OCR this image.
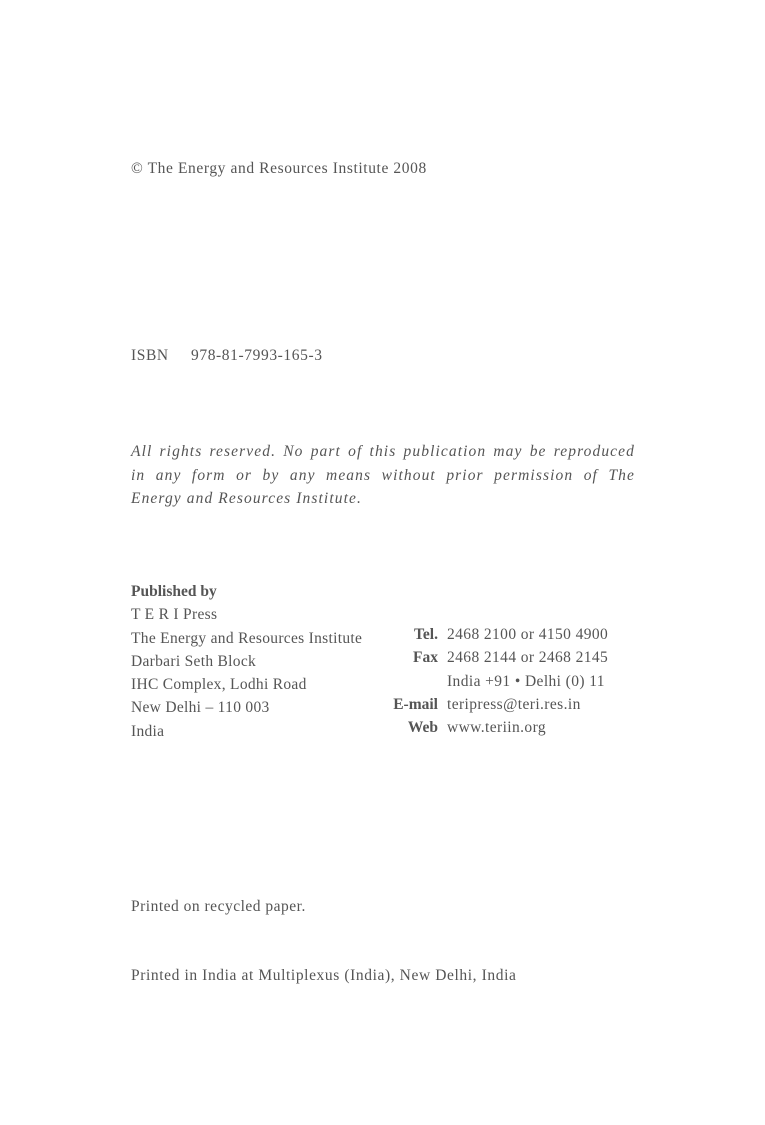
© The Energy and Resources Institute 2008
ISBN 978-81-7993-165-3
All rights reserved. No part of this publication may be reproduced
in any form or by any means without prior permission of The
Energy and Resources Institute.
Published by
T E R I Press
The Energy and Resources Institute
Darbari Seth Block
IHC Complex, Lodhi Road
New Delhi – 110 003
India
Tel. 2468 2100 or 4150 4900
Fax 2468 2144 or 2468 2145
India +91 • Delhi (0) 11
E-mail teripress@teri.res.in
Web www.teriin.org
Printed on recycled paper.
Printed in India at Multiplexus (India), New Delhi, India
